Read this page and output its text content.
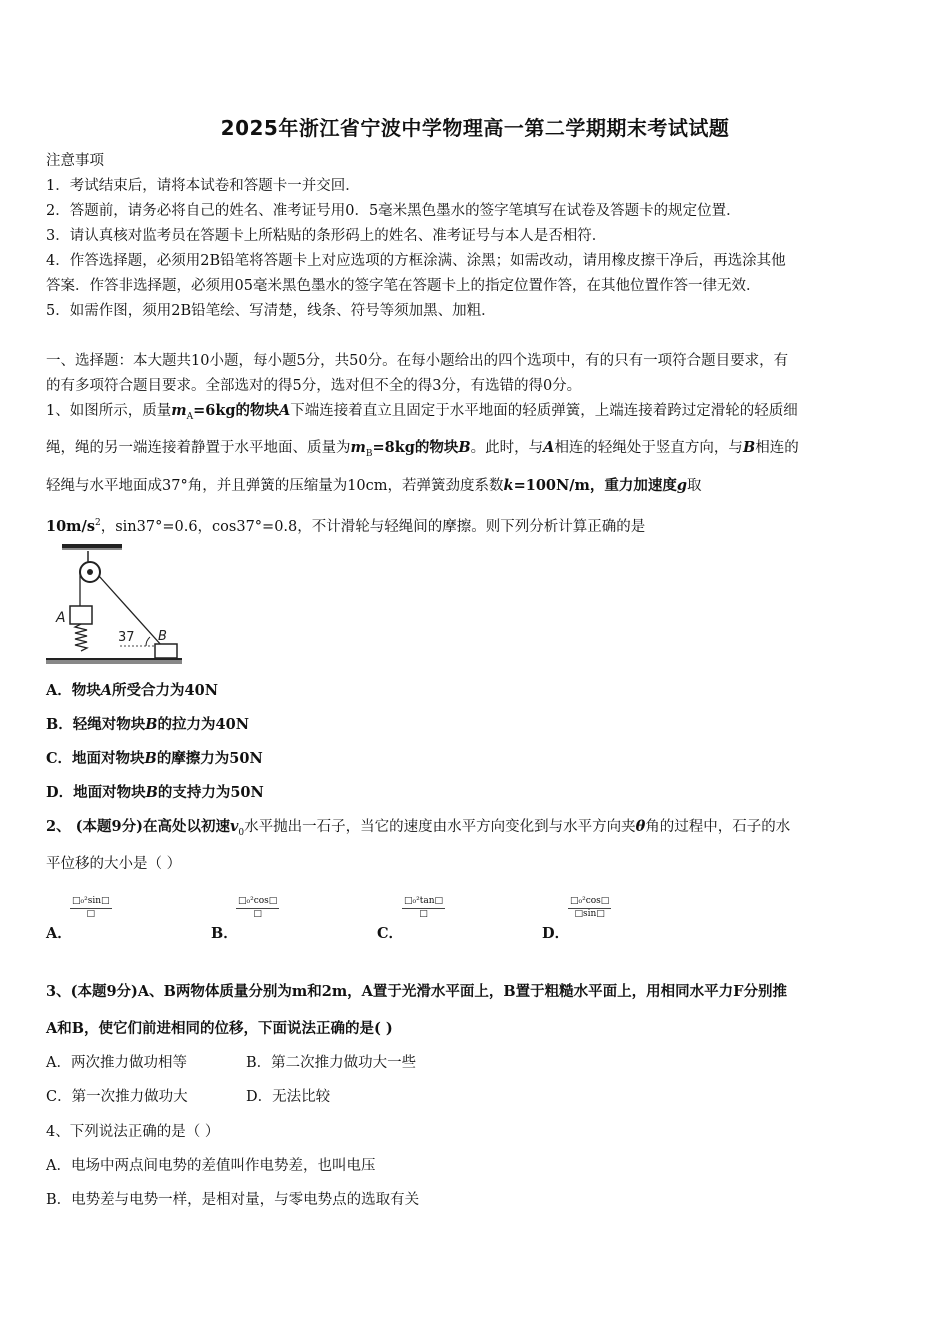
2025年浙江省宁波中学物理高一第二学期期末考试试题
注意事项
1．考试结束后，请将本试卷和答题卡一并交回．
2．答题前，请务必将自己的姓名、准考证号用0．5毫米黑色墨水的签字笔填写在试卷及答题卡的规定位置．
3．请认真核对监考员在答题卡上所粘贴的条形码上的姓名、准考证号与本人是否相符．
4．作答选择题，必须用2B铅笔将答题卡上对应选项的方框涂满、涂黑；如需改动，请用橡皮擦干净后，再选涂其他
答案．作答非选择题，必须用05毫米黑色墨水的签字笔在答题卡上的指定位置作答，在其他位置作答一律无效．
5．如需作图，须用2B铅笔绘、写清楚，线条、符号等须加黑、加粗．
一、选择题：本大题共10小题，每小题5分，共50分。在每小题给出的四个选项中，有的只有一项符合题目要求，有
的有多项符合题目要求。全部选对的得5分，选对但不全的得3分，有选错的得0分。
1、如图所示，质量$m_A=6kg$的物块A下端连接着直立且固定于水平地面的轻质弹簧，上端连接着跨过定滑轮的轻质细
绳，绳的另一端连接着静置于水平地面、质量为$m_B=8kg$的物块B。此时，与A相连的轻绳处于竖直方向，与B相连的
轻绳与水平地面成37°角，并且弹簧的压缩量为10cm，若弹簧劲度系数k=100N/m，重力加速度g取
$10m/s^2$，sin37°=0.6，cos37°=0.8，不计滑轮与轻绳间的摩擦。则下列分析计算正确的是
A
B
37
A．物块A所受合力为40N
B．轻绳对物块B的拉力为40N
C．地面对物块B的摩擦力为50N
D．地面对物块B的支持力为50N
2、 (本题9分)在高处以初速$v_0$水平抛出一石子，当它的速度由水平方向变化到与水平方向夹θ角的过程中，石子的水
平位移的大小是（ ）
□₀²sin□
□
A．
□₀²cos□
□
B．
□₀²tan□
□
C．
$\frac{\text{□₀²cos□}}{□\sin□}$
D．
3、(本题9分)A、B两物体质量分别为m和2m，A置于光滑水平面上，B置于粗糙水平面上，用相同水平力F分别推
A和B，使它们前进相同的位移，下面说法正确的是( )
A．两次推力做功相等	B．第二次推力做功大一些
C．第一次推力做功大	D．无法比较
4、下列说法正确的是（ ）
A．电场中两点间电势的差值叫作电势差，也叫电压
B．电势差与电势一样，是相对量，与零电势点的选取有关
